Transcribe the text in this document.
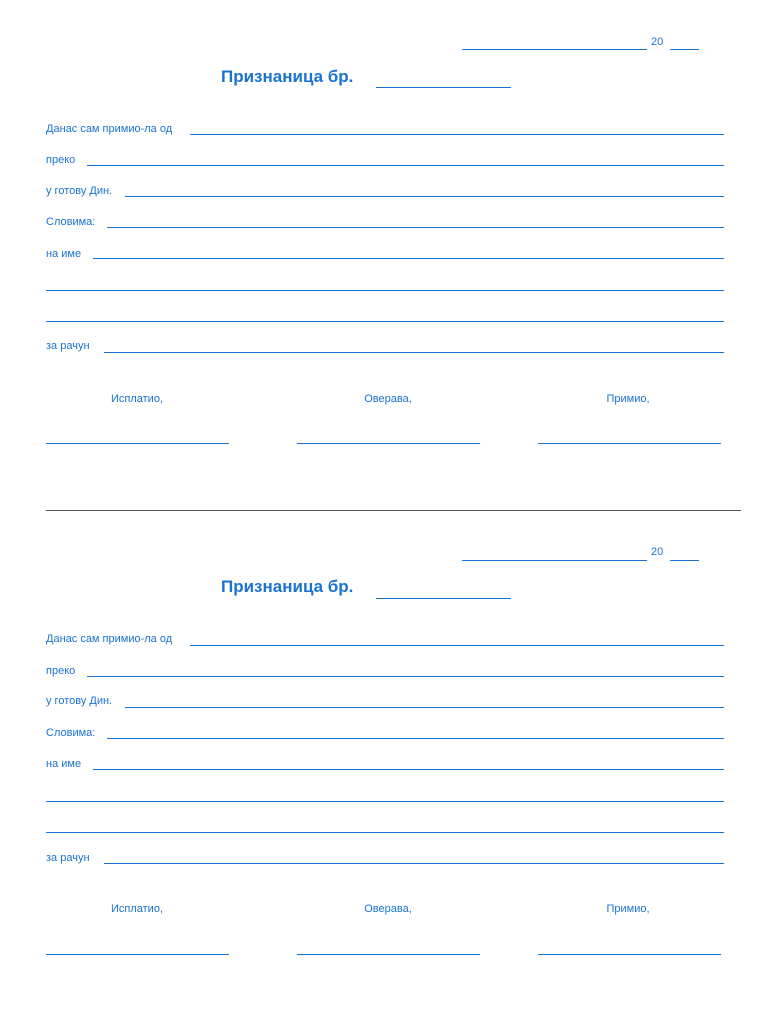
20
Признаница бр.
Данас сам примио-ла од
преко
у готову Дин.
Словима:
на име
за рачун
Исплатио,	Оверава,	Примио,
20
Признаница бр.
Данас сам примио-ла од
преко
у готову Дин.
Словима:
на име
за рачун
Исплатио,	Оверава,	Примио,
